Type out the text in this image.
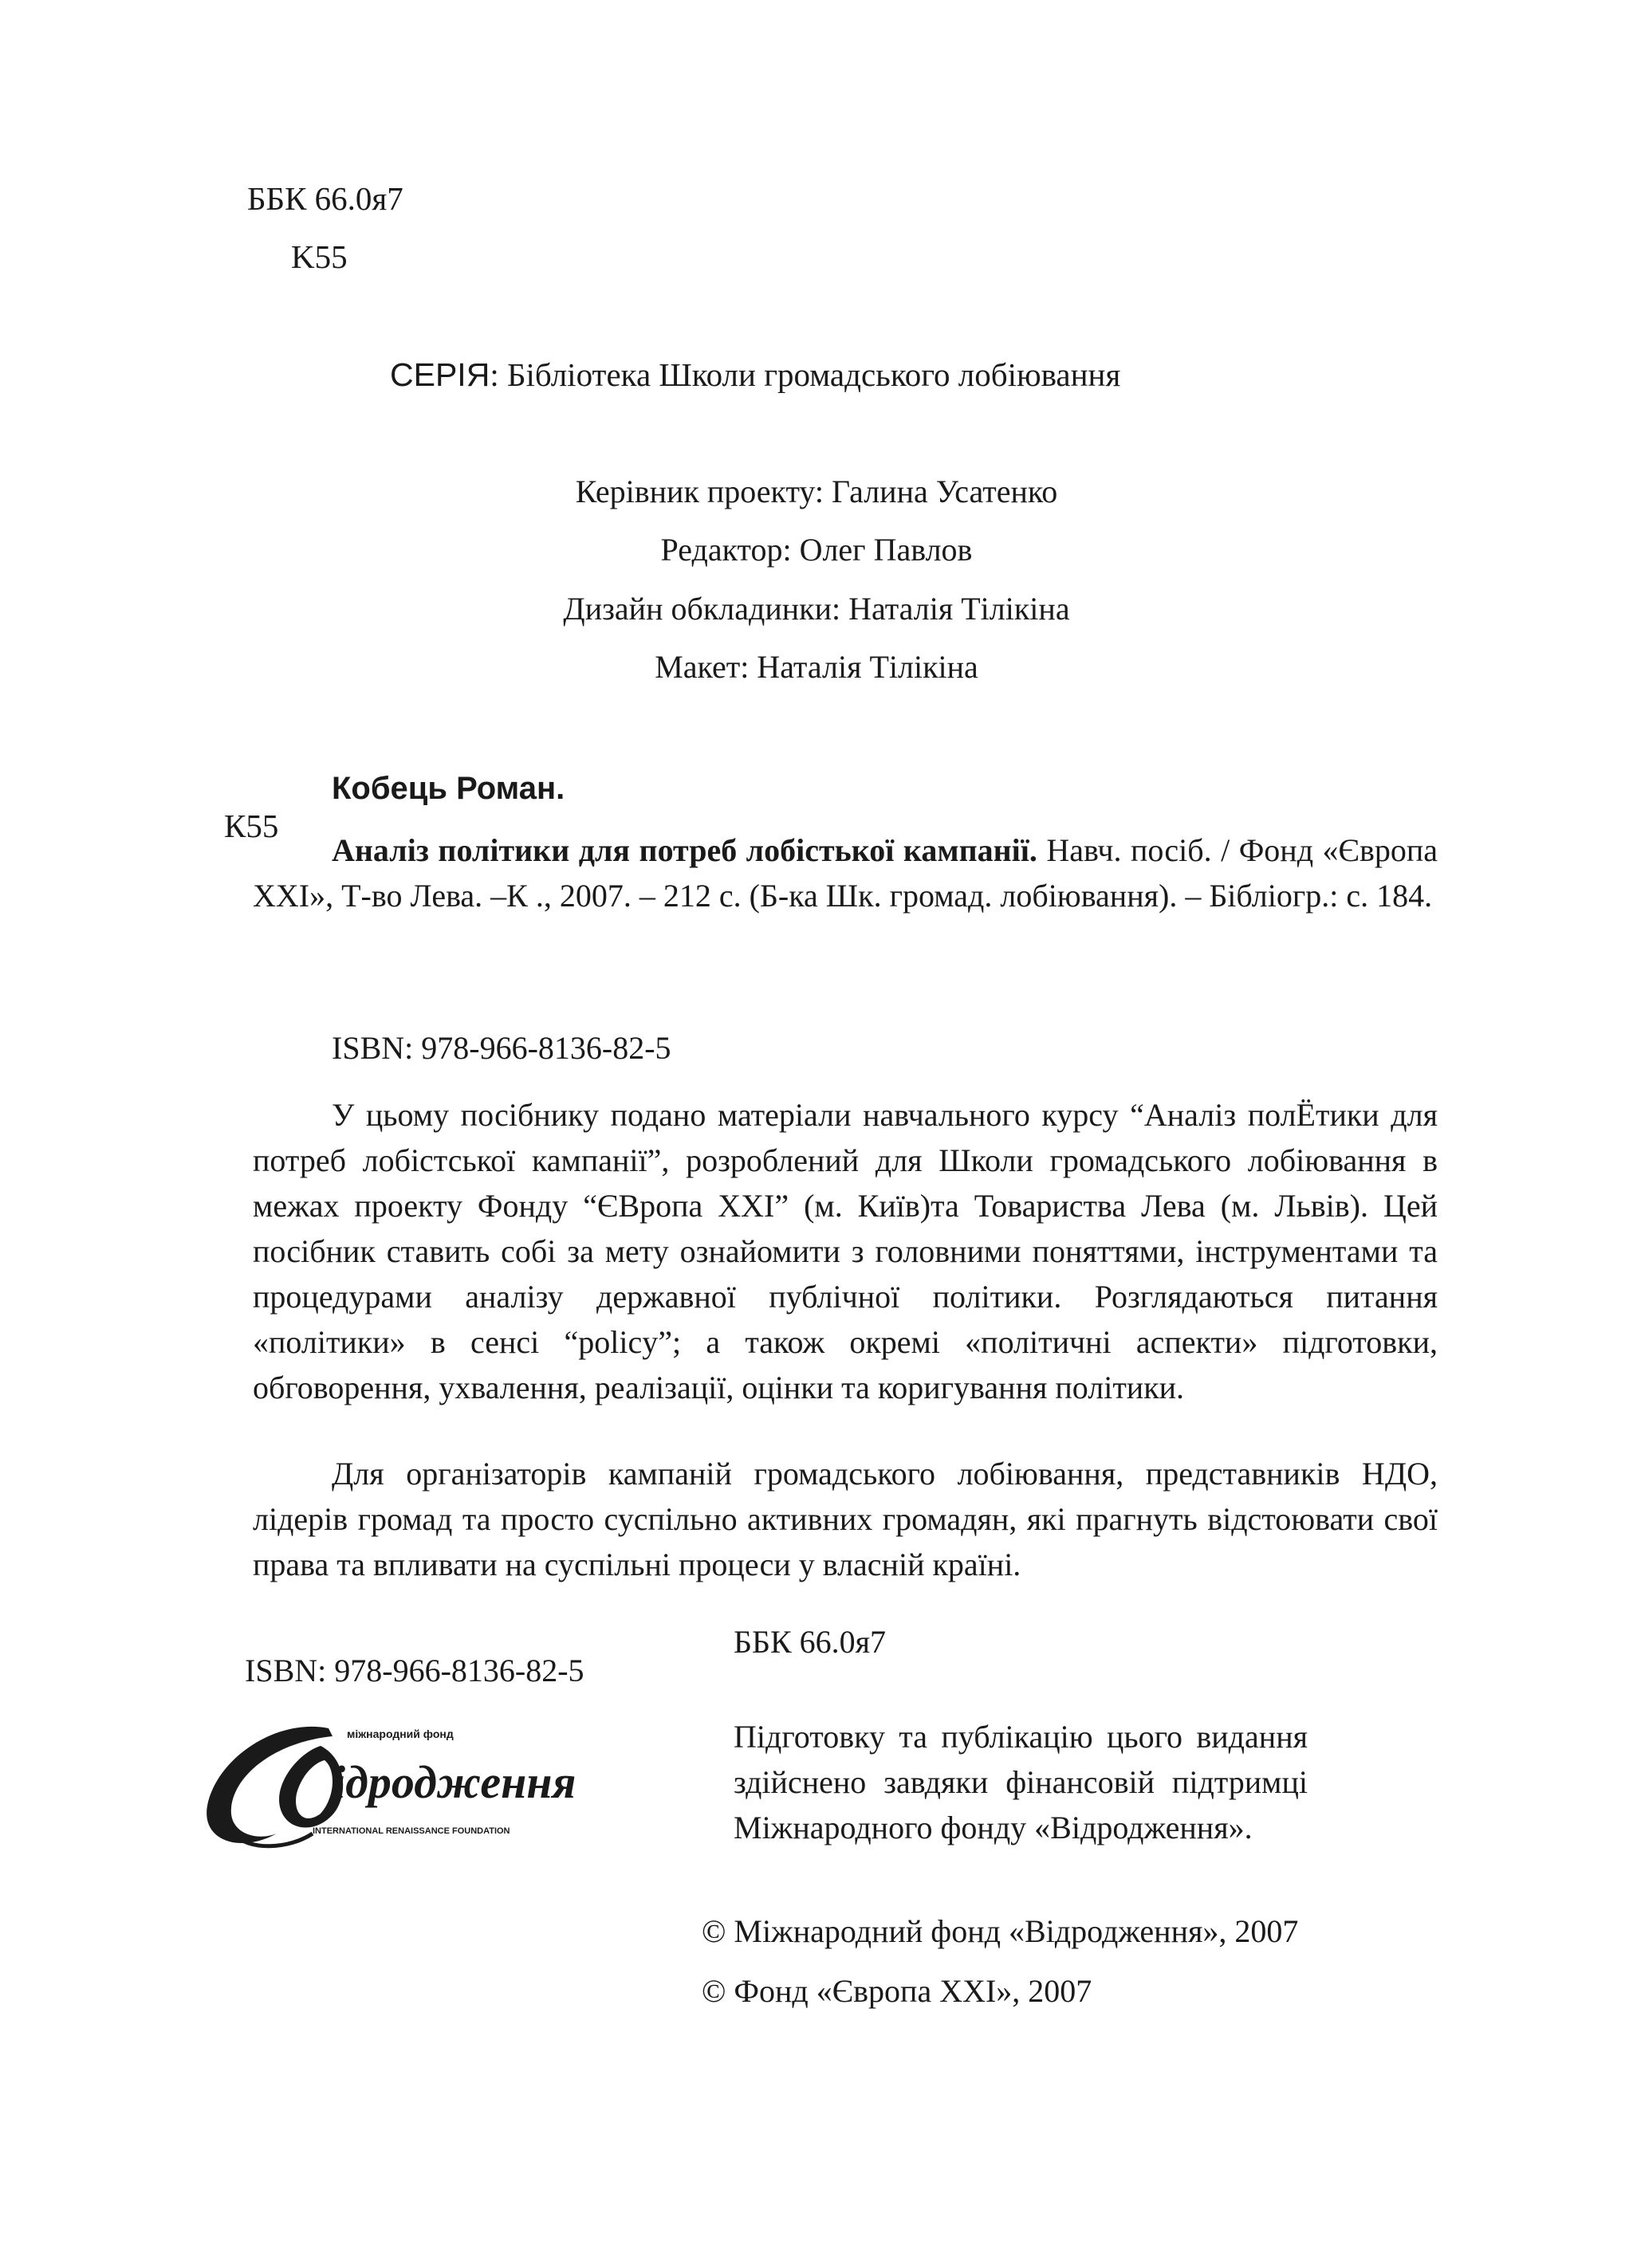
ББК 66.0я7
K55
СЕРІЯ: Бібліотека Школи громадського лобіювання
Керівник проекту: Галина Усатенко
Редактор: Олег Павлов
Дизайн обкладинки: Наталія Тілікіна
Макет: Наталія Тілікіна
Кобець Роман.
К55
Аналіз політики для потреб лобістької кампанії. Навч. посіб. / Фонд «Європа XXI», Т-во Лева. –К ., 2007. – 212 с. (Б-ка Шк. громад. лобіювання). – Бібліогр.: с. 184.
ISBN: 978-966-8136-82-5
У цьому посібнику подано матеріали навчального курсу “Аналіз полЁтики для потреб лобістської кампанії”, розроблений для Школи громадського лобіювання в межах проекту Фонду “ЄВропа XXI” (м. Київ)та Товариства Лева (м. Львів). Цей посібник ставить собі за мету ознайомити з головними поняттями, інструментами та процедурами аналізу державної публічної політики. Розглядаються питання «політики» в сенсі “policy”; а також окремі «політичні аспекти» підготовки, обговорення, ухвалення, реалізації, оцінки та коригування політики.
Для організаторів кампаній громадського лобіювання, представників НДО, лідерів громад та просто суспільно активних громадян, які прагнуть відстоювати свої права та впливати на суспільні процеси у власній країні.
ISBN: 978-966-8136-82-5
міжнародний фонд
ідродження
INTERNATIONAL RENAISSANCE FOUNDATION
ББК 66.0я7
Підготовку та публікацію цього видання здійснено завдяки фінансовій підтримці Міжнародного фонду «Відродження».
© Міжнародний фонд «Відродження», 2007
© Фонд «Європа XXI», 2007
